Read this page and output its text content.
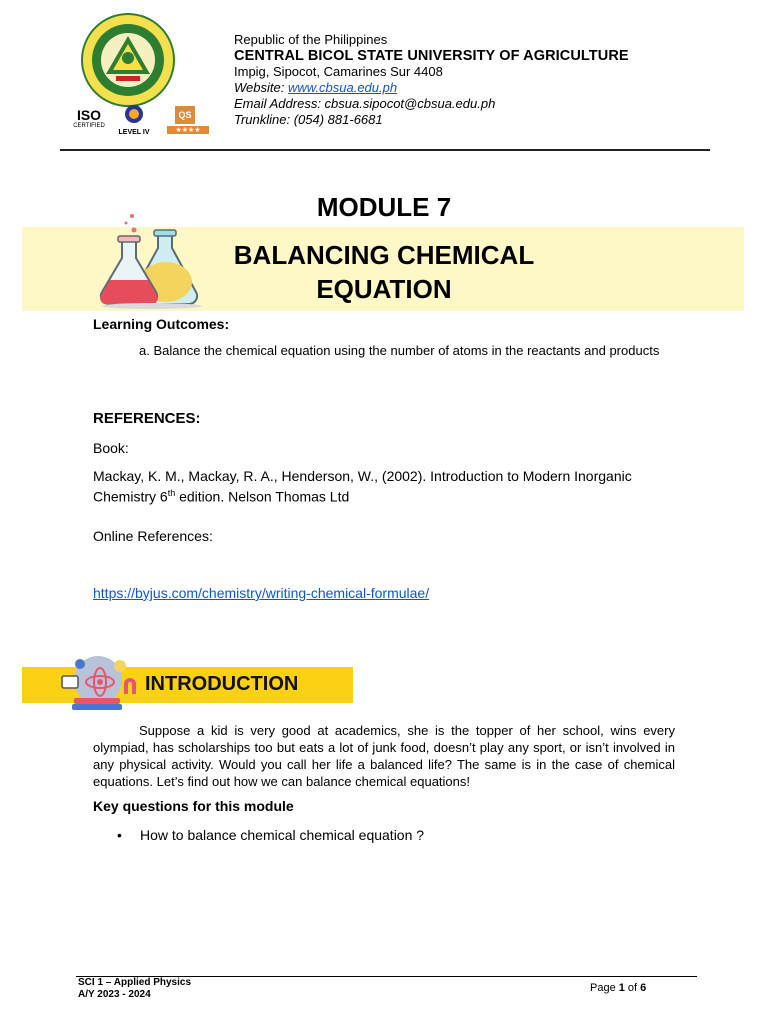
ISO
CERTIFIED
LEVEL IV
QS
★★★★
Republic of the Philippines
CENTRAL BICOL STATE UNIVERSITY OF AGRICULTURE
Impig, Sipocot, Camarines Sur 4408
Website: www.cbsua.edu.ph
Email Address: cbsua.sipocot@cbsua.edu.ph
Trunkline: (054) 881-6681
MODULE 7
BALANCING CHEMICAL
EQUATION
Learning Outcomes:
a. Balance the chemical equation using the number of atoms in the reactants and products
REFERENCES:
Book:
Mackay, K. M., Mackay, R. A., Henderson, W., (2002). Introduction to Modern Inorganic Chemistry 6th edition. Nelson Thomas Ltd
Online References:
https://byjus.com/chemistry/writing-chemical-formulae/
INTRODUCTION
Suppose a kid is very good at academics, she is the topper of her school, wins every olympiad, has scholarships too but eats a lot of junk food, doesn’t play any sport, or isn’t involved in any physical activity. Would you call her life a balanced life? The same is in the case of chemical equations. Let’s find out how we can balance chemical equations!
Key questions for this module
• How to balance chemical chemical equation ?
SCI 1 – Applied Physics
A/Y 2023 - 2024
Page 1 of 6
